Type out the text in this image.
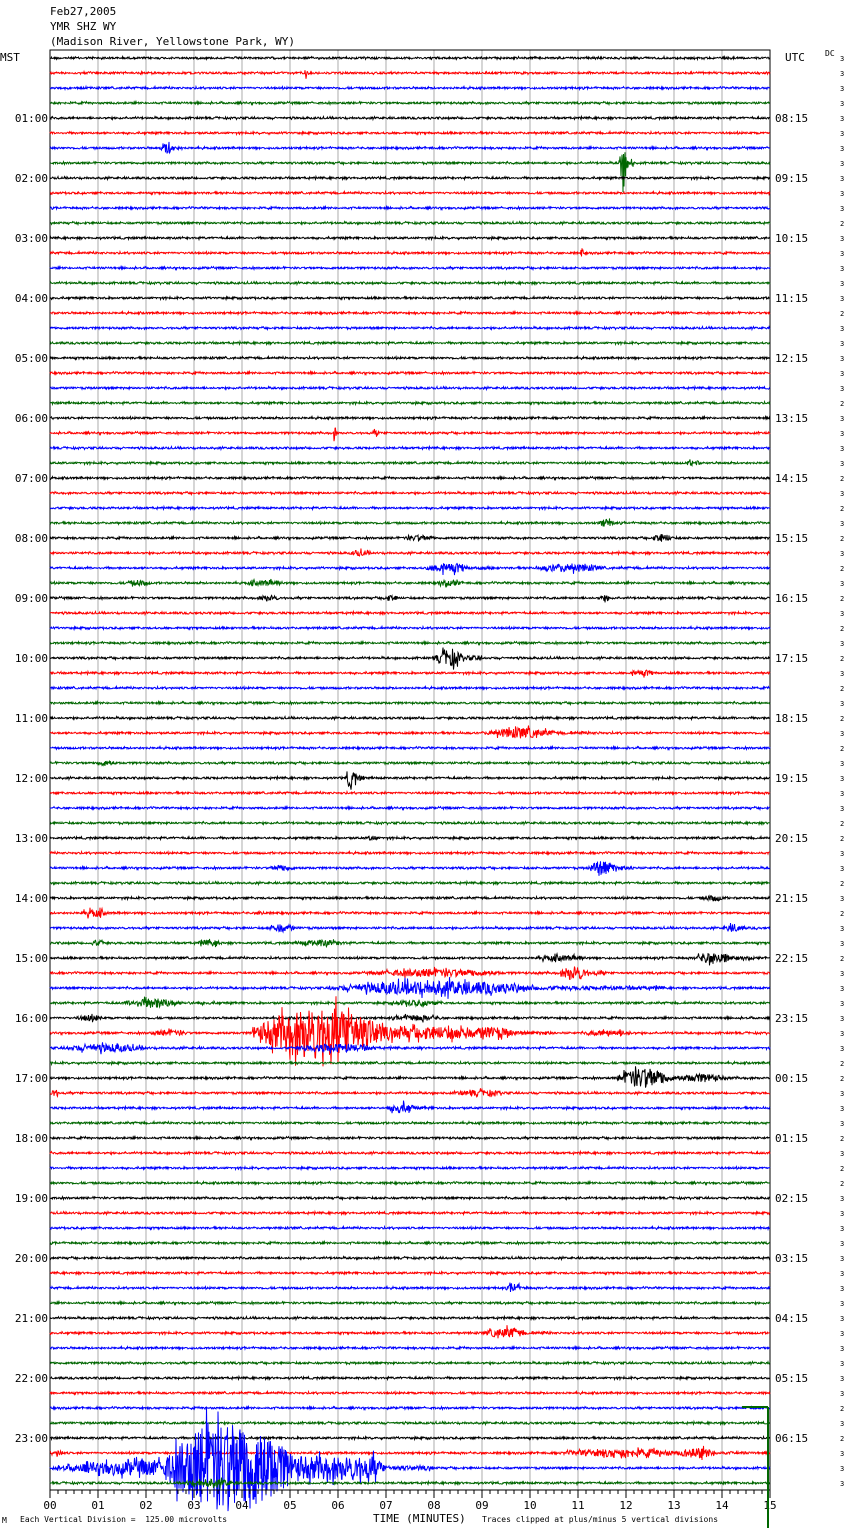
Feb27,2005
YMR SHZ WY
(Madison River, Yellowstone Park, WY)
MST	UTC	DC
00	01	02	03	04	05	06	07	08	09	10	11	12	13	14	15
01:00
02:00
03:00
04:00
05:00
06:00
07:00
08:00
09:00
10:00
11:00
12:00
13:00
14:00
15:00
16:00
17:00
18:00
19:00
20:00
21:00
22:00
23:00
08:15
09:15
10:15
11:15
12:15
13:15
14:15
15:15
16:15
17:15
18:15
19:15
20:15
21:15
22:15
23:15
00:15
01:15
02:15
03:15
04:15
05:15
06:15
3
3
3
3
3
3
3
3
3
3
3
2
3
3
3
3
3
2
3
3
3
3
3
2
3
3
3
3
2
3
2
3
2
3
2
3
2
3
2
3
2
3
2
3
2
3
2
3
3
3
3
2
2
3
3
2
3
2
3
3
2
3
3
3
3
3
3
2
2
3
3
3
2
3
2
2
3
3
3
3
3
3
3
3
3
3
3
3
3
3
2
3
2
3
3
3
M Each Vertical Division =  125.00 microvolts	TIME (MINUTES) Traces clipped at plus/minus 5 vertical divisions
